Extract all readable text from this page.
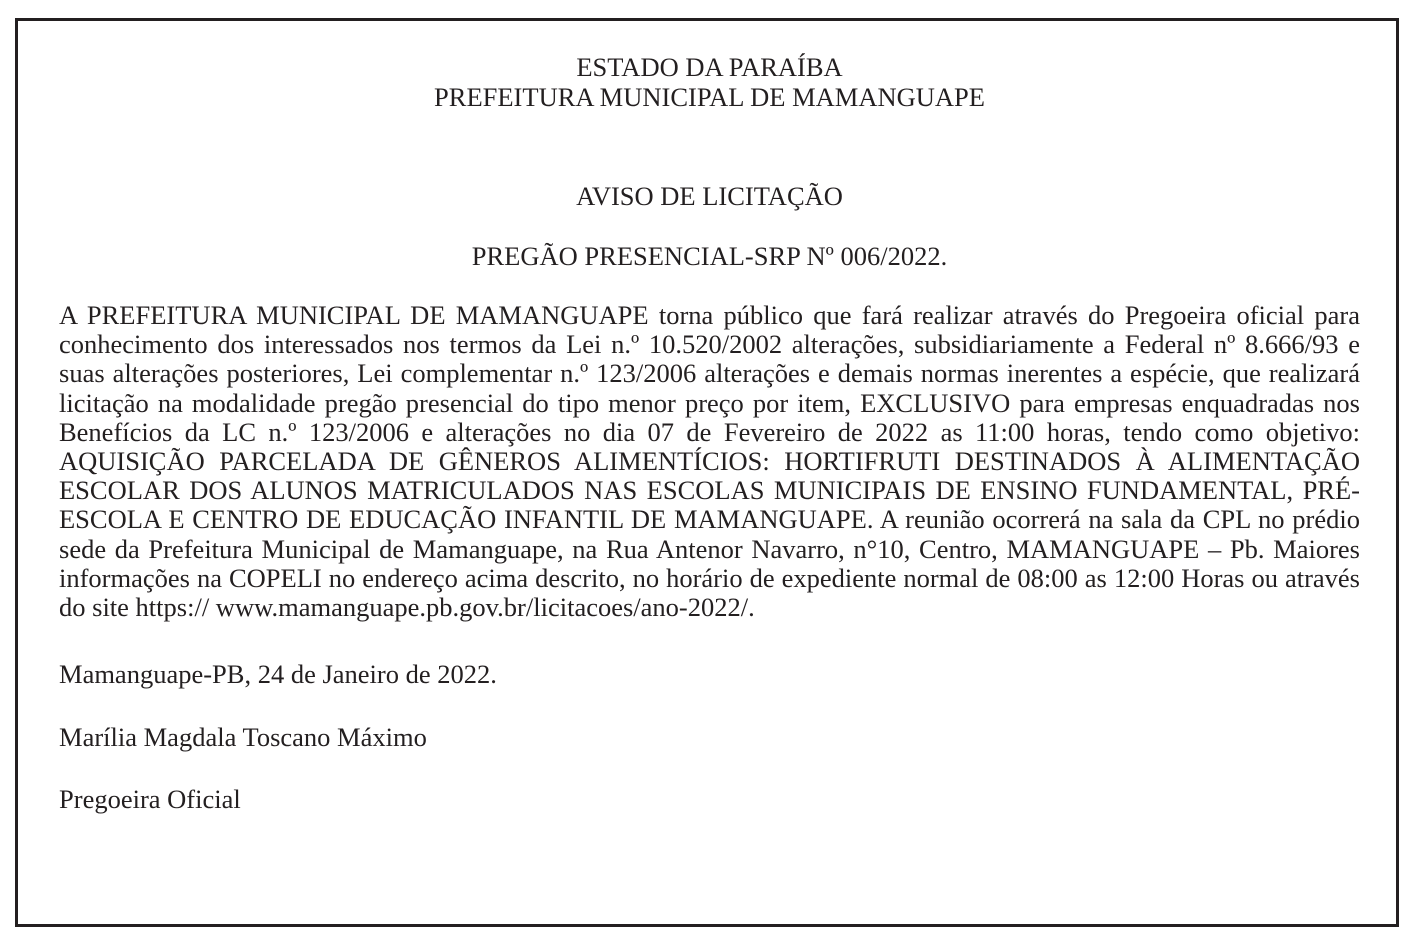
ESTADO DA PARAÍBA

PREFEITURA MUNICIPAL DE MAMANGUAPE

AVISO DE LICITAÇÃO

PREGÃO PRESENCIAL-SRP Nº 006/2022.

A PREFEITURA MUNICIPAL DE MAMANGUAPE torna público que fará realizar através do Pregoeira oficial para conhecimento dos interessados nos termos da Lei n.º 10.520/2002 alterações, subsidiariamente a Federal nº 8.666/93 e suas alterações posteriores, Lei complementar n.º 123/2006 alterações e demais normas inerentes a espécie, que realizará licitação na modalidade pregão presencial do tipo menor preço por item, EXCLUSIVO para empresas enquadradas nos Benefícios da LC n.º 123/2006 e alterações no dia 07 de Fevereiro de 2022 as 11:00 horas, tendo como objetivo: AQUISIÇÃO PARCELADA DE GÊNEROS ALIMENTÍCIOS: HORTIFRUTI DESTINADOS À ALIMENTAÇÃO ESCOLAR DOS ALUNOS MATRICULADOS NAS ESCOLAS MUNICIPAIS DE ENSINO FUNDAMENTAL, PRÉ-ESCOLA E CENTRO DE EDUCAÇÃO INFANTIL DE MAMANGUAPE. A reunião ocorrerá na sala da CPL no prédio sede da Prefeitura Municipal de Mamanguape, na Rua Antenor Navarro, n°10, Centro, MAMANGUAPE – Pb. Maiores informações na COPELI no endereço acima descrito, no horário de expediente normal de 08:00 as 12:00 Horas ou através do site https:// www.mamanguape.pb.gov.br/licitacoes/ano-2022/.

Mamanguape-PB, 24 de Janeiro de 2022.

Marília Magdala Toscano Máximo

Pregoeira Oficial
